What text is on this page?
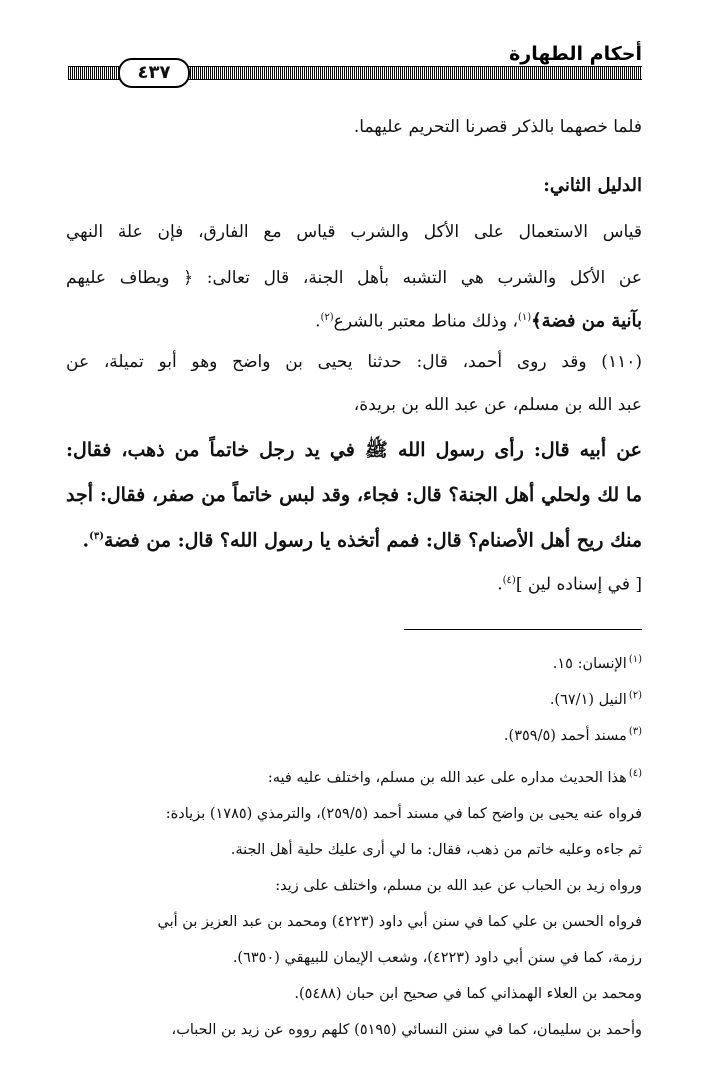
أحكام الطهارة
٤٣٧
فلما خصهما بالذكر قصرنا التحريم عليهما.
الدليل الثاني:
قياس الاستعمال على الأكل والشرب قياس مع الفارق، فإن علة النهي
عن الأكل والشرب هي التشبه بأهل الجنة، قال تعالى: ﴿ ويطاف عليهم
بآنية من فضة﴾$^{(١)}$، وذلك مناط معتبر بالشرع$^{(٢)}$.
(١١٠) وقد روى أحمد، قال: حدثنا يحيى بن واضح وهو أبو تميلة، عن
عبد الله بن مسلم، عن عبد الله بن بريدة،
عن أبيه قال: رأى رسول الله ﷺ في يد رجل خاتماً من ذهب، فقال:
ما لك ولحلي أهل الجنة؟ قال: فجاء، وقد لبس خاتماً من صفر، فقال: أجد
منك ريح أهل الأصنام؟ قال: فمم أتخذه يا رسول الله؟ قال: من فضة$^{(٣)}$.
[ في إسناده لين ]$^{(٤)}$.
$^{(١)}$الإنسان: ١٥.
$^{(٢)}$النيل (٦٧/١).
$^{(٣)}$مسند أحمد (٣٥٩/٥).
$^{(٤)}$هذا الحديث مداره على عبد الله بن مسلم، واختلف عليه فيه:
فرواه عنه يحيى بن واضح كما في مسند أحمد (٢٥٩/٥)، والترمذي (١٧٨٥) بزيادة:
ثم جاءه وعليه خاتم من ذهب، فقال: ما لي أرى عليك حلية أهل الجنة.
ورواه زيد بن الحباب عن عبد الله بن مسلم، واختلف على زيد:
فرواه الحسن بن علي كما في سنن أبي داود (٤٢٢٣) ومحمد بن عبد العزيز بن أبي
رزمة، كما في سنن أبي داود (٤٢٢٣)، وشعب الإيمان للبيهقي (٦٣٥٠).
ومحمد بن العلاء الهمذاني كما في صحيح ابن حبان (٥٤٨٨).
وأحمد بن سليمان، كما في سنن النسائي (٥١٩٥) كلهم رووه عن زيد بن الحباب،
